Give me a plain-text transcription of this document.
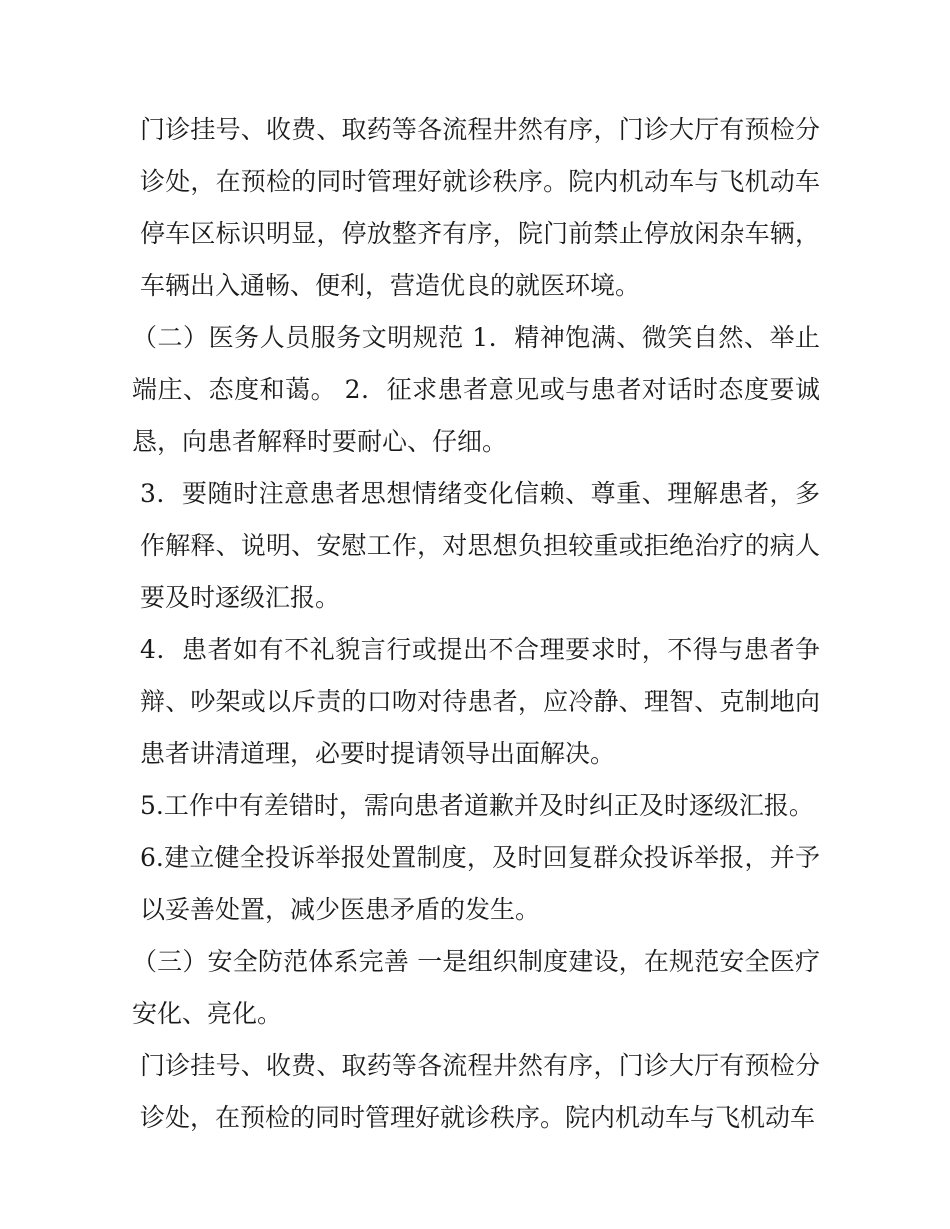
门诊挂号、收费、取药等各流程井然有序，门诊大厅有预检分诊处，在预检的同时管理好就诊秩序。院内机动车与飞机动车停车区标识明显，停放整齐有序，院门前禁止停放闲杂车辆，车辆出入通畅、便利，营造优良的就医环境。

（二）医务人员服务文明规范 1．精神饱满、微笑自然、举止端庄、态度和蔼。 2．征求患者意见或与患者对话时态度要诚恳，向患者解释时要耐心、仔细。

3．要随时注意患者思想情绪变化信赖、尊重、理解患者，多作解释、说明、安慰工作，对思想负担较重或拒绝治疗的病人要及时逐级汇报。

4．患者如有不礼貌言行或提出不合理要求时，不得与患者争辩、吵架或以斥责的口吻对待患者，应冷静、理智、克制地向患者讲清道理，必要时提请领导出面解决。

5.工作中有差错时，需向患者道歉并及时纠正及时逐级汇报。

6.建立健全投诉举报处置制度，及时回复群众投诉举报，并予以妥善处置，减少医患矛盾的发生。

（三）安全防范体系完善 一是组织制度建设，在规范安全医疗安化、亮化。

门诊挂号、收费、取药等各流程井然有序，门诊大厅有预检分诊处，在预检的同时管理好就诊秩序。院内机动车与飞机动车
